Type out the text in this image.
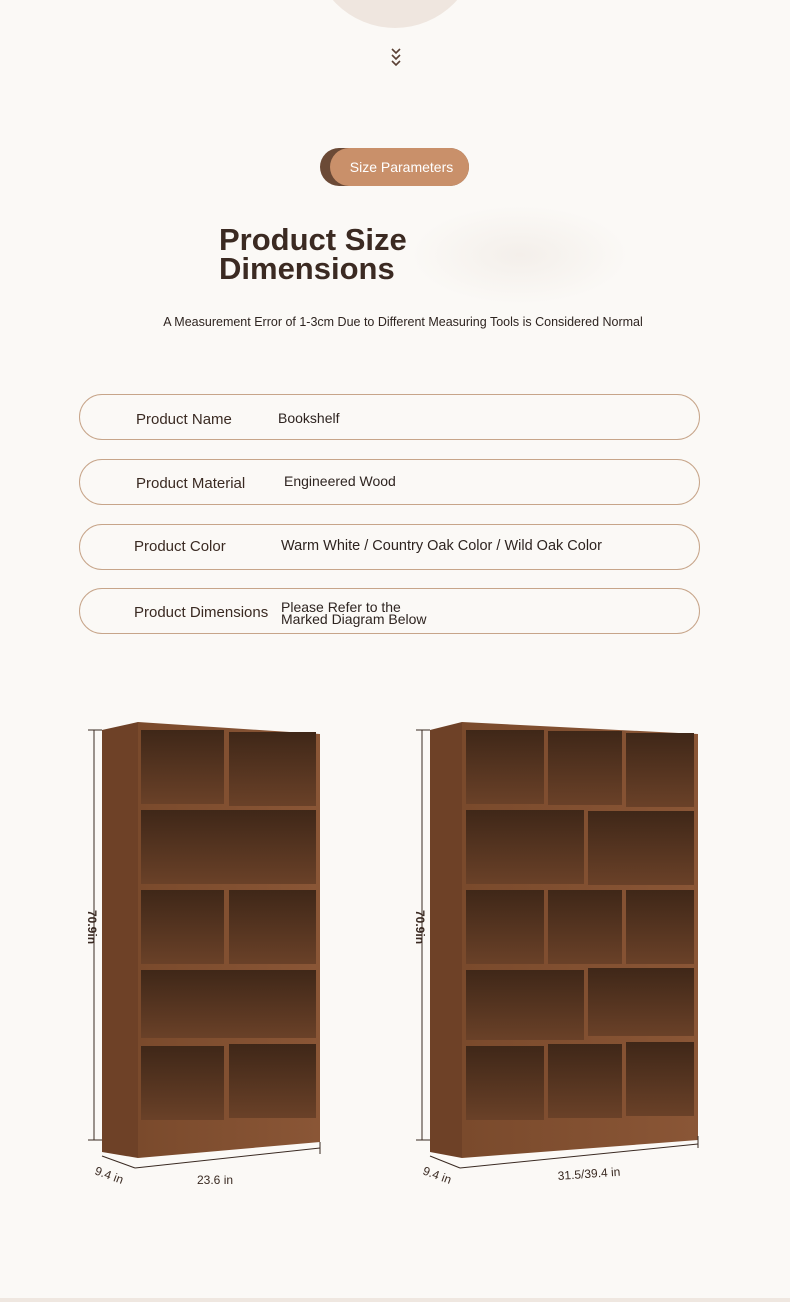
Size Parameters
Product Size
Dimensions

A Measurement Error of 1-3cm Due to Different Measuring Tools is Considered Normal

Product Name	Bookshelf
Product Material	Engineered Wood
Product Color	Warm White / Country Oak Color / Wild Oak Color
Product Dimensions Please Refer to the
Marked Diagram Below
70.9in
9.4 in	23.6 in
70.9in
9.4 in	31.5/39.4 in
